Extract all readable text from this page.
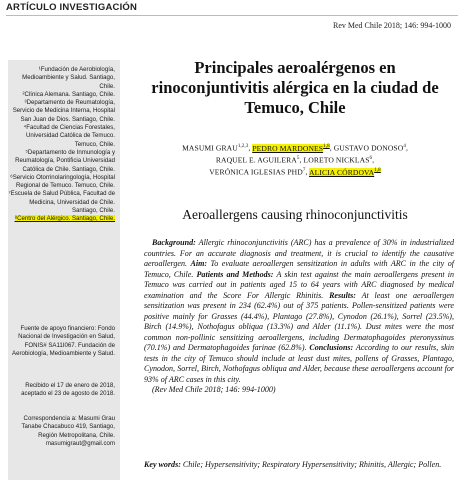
ARTÍCULO INVESTIGACIÓN
Rev Med Chile 2018; 146: 994-1000

¹Fundación de Aerobiología, Medioambiente y Salud. Santiago, Chile.

²Clínica Alemana. Santiago, Chile.

³Departamento de Reumatología, Servicio de Medicina Interna, Hospital San Juan de Dios. Santiago, Chile.

⁴Facultad de Ciencias Forestales, Universidad Católica de Temuco. Temuco, Chile.

⁵Departamento de Inmunología y Reumatología, Pontificia Universidad Católica de Chile. Santiago, Chile.

⁶Servicio Otorrinolaringología, Hospital Regional de Temuco. Temuco, Chile.

⁷Escuela de Salud Pública, Facultad de Medicina, Universidad de Chile. Santiago, Chile.

⁸Centro del Alérgico. Santiago, Chile.

Fuente de apoyo financiero: Fondo Nacional de Investigación en Salud, FONIS# SA11I067. Fundación de Aerobiología, Medioambiente y Salud.

Recibido el 17 de enero de 2018, aceptado el 23 de agosto de 2018.

Correspondencia a: Masumi Grau Tanabe Chacabuco 419, Santiago, Región Metropolitana, Chile. masumigraut@gmail.com

Principales aeroalérgenos en rinoconjuntivitis alérgica en la ciudad de Temuco, Chile
MASUMI GRAU$^{1,2,3}$, PEDRO MARDONES$^{1,8}$, GUSTAVO DONOSO$^4$,
RAQUEL E. AGUILERA$^5$, LORETO NICKLAS$^6$,
VERÓNICA IGLESIAS PHD$^7$, ALICIA CÓRDOVA$^{1,8}$
Aeroallergens causing rhinoconjunctivitis

Background: Allergic rhinoconjunctivitis (ARC) has a prevalence of 30% in industrialized countries. For an accurate diagnosis and treatment, it is crucial to identify the causative aeroallergen. Aim: To evaluate aeroallergen sensitization in adults with ARC in the city of Temuco, Chile. Patients and Methods: A skin test against the main aeroallergens present in Temuco was carried out in patients aged 15 to 64 years with ARC diagnosed by medical examination and the Score For Allergic Rhinitis. Results: At least one aeroallergen sensitization was present in 234 (62.4%) out of 375 patients. Pollen-sensitized patients were positive mainly for Grasses (44.4%), Plantago (27.8%), Cynodon (26.1%), Sorrel (23.5%), Birch (14.9%), Nothofagus obliqua (13.3%) and Alder (11.1%). Dust mites were the most common non-pollinic sensitizing aeroallergens, including Dermatophagoides pteronyssinus (70.1%) and Dermatophagoides farinae (62.8%). Conclusions: According to our results, skin tests in the city of Temuco should include at least dust mites, pollens of Grasses, Plantago, Cynodon, Sorrel, Birch, Nothofagus obliqua and Alder, because these aeroallergens account for 93% of ARC cases in this city.

(Rev Med Chile 2018; 146: 994-1000)

Key words: Chile; Hypersensitivity; Respiratory Hypersensitivity; Rhinitis, Allergic; Pollen.
